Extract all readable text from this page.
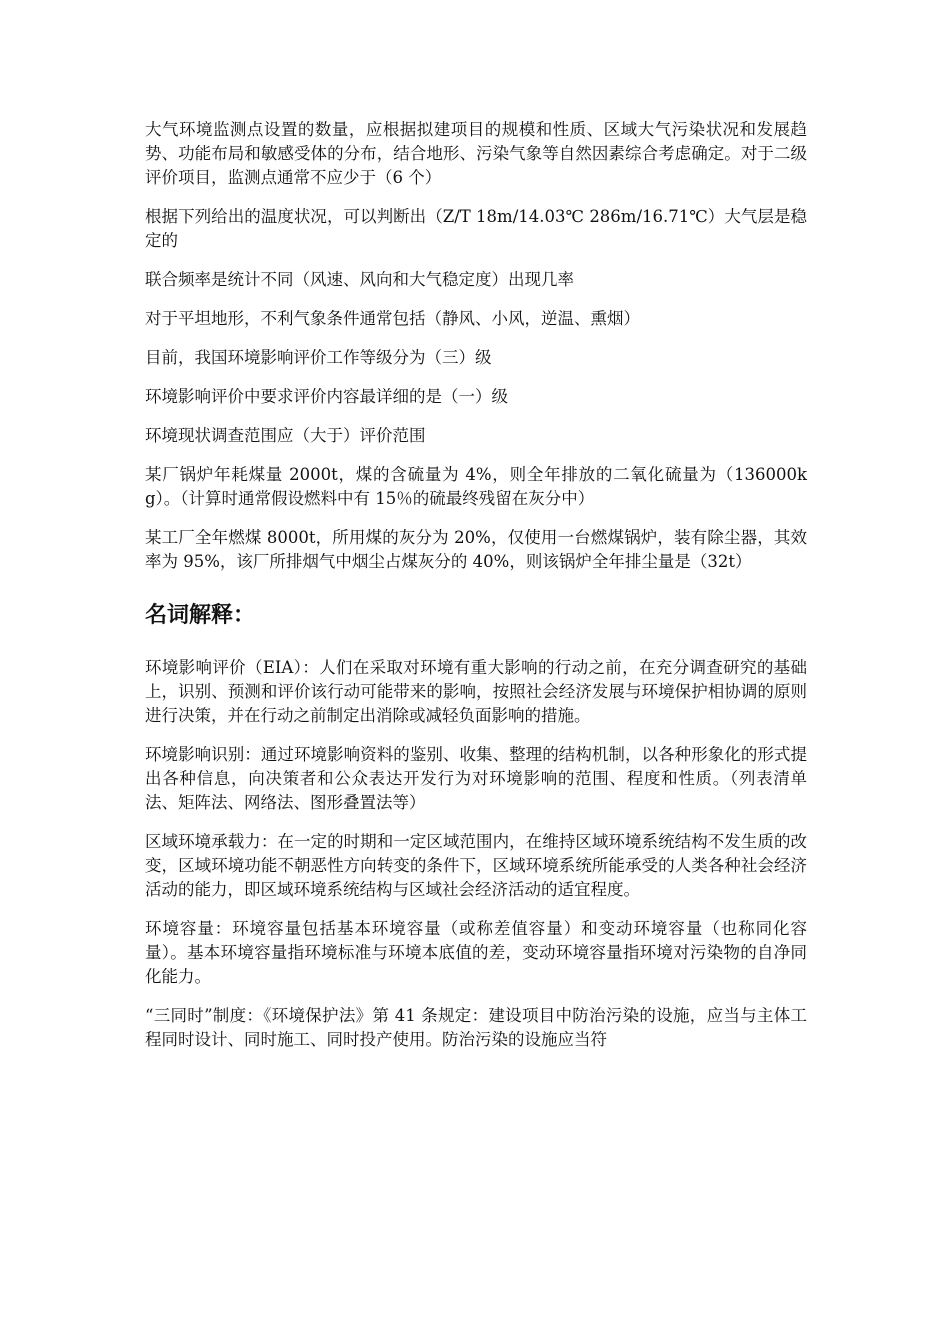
大气环境监测点设置的数量，应根据拟建项目的规模和性质、区域大气污染状况和发展趋势、功能布局和敏感受体的分布，结合地形、污染气象等自然因素综合考虑确定。对于二级评价项目，监测点通常不应少于（6 个）

根据下列给出的温度状况，可以判断出（Z/T 18m/14.03℃ 286m/16.71℃）大气层是稳定的

联合频率是统计不同（风速、风向和大气稳定度）出现几率

对于平坦地形，不利气象条件通常包括（静风、小风，逆温、熏烟）

目前，我国环境影响评价工作等级分为（三）级

环境影响评价中要求评价内容最详细的是（一）级

环境现状调查范围应（大于）评价范围

某厂锅炉年耗煤量 2000t，煤的含硫量为 4%，则全年排放的二氧化硫量为（136000kg）。（计算时通常假设燃料中有 15％的硫最终残留在灰分中）

某工厂全年燃煤 8000t，所用煤的灰分为 20%，仅使用一台燃煤锅炉，装有除尘器，其效率为 95%，该厂所排烟气中烟尘占煤灰分的 40%，则该锅炉全年排尘量是（32t）

名词解释：

环境影响评价（EIA）：人们在采取对环境有重大影响的行动之前，在充分调查研究的基础上，识别、预测和评价该行动可能带来的影响，按照社会经济发展与环境保护相协调的原则进行决策，并在行动之前制定出消除或减轻负面影响的措施。

环境影响识别：通过环境影响资料的鉴别、收集、整理的结构机制，以各种形象化的形式提出各种信息，向决策者和公众表达开发行为对环境影响的范围、程度和性质。（列表清单法、矩阵法、网络法、图形叠置法等）

区域环境承载力：在一定的时期和一定区域范围内，在维持区域环境系统结构不发生质的改变，区域环境功能不朝恶性方向转变的条件下，区域环境系统所能承受的人类各种社会经济活动的能力，即区域环境系统结构与区域社会经济活动的适宜程度。

环境容量：环境容量包括基本环境容量（或称差值容量）和变动环境容量（也称同化容量）。基本环境容量指环境标准与环境本底值的差，变动环境容量指环境对污染物的自净同化能力。

“三同时”制度：《环境保护法》第 41 条规定：建设项目中防治污染的设施，应当与主体工程同时设计、同时施工、同时投产使用。防治污染的设施应当符
